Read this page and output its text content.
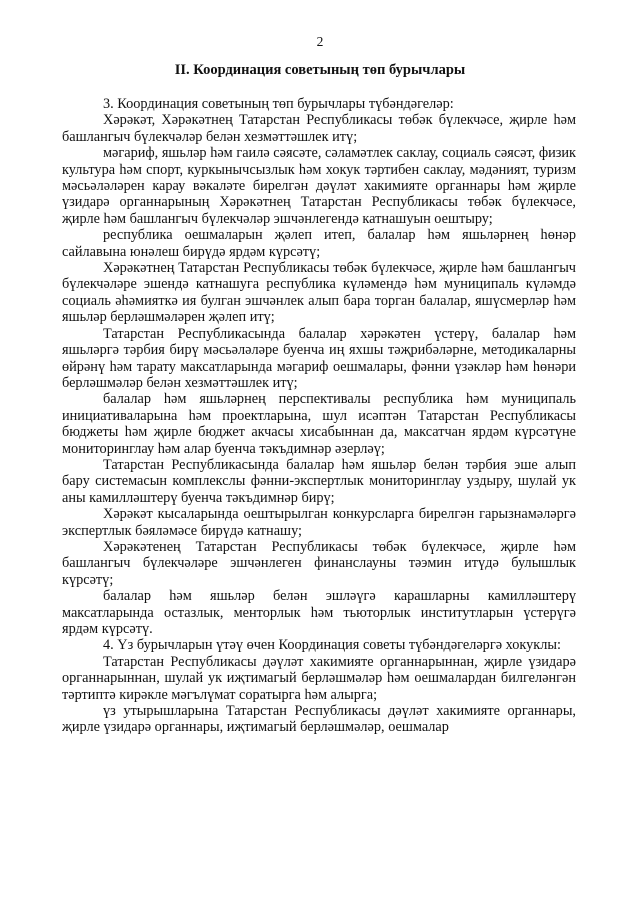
2
II. Координация советының төп бурычлары

3. Координация советының төп бурычлары түбәндәгеләр:

Хәрәкәт, Хәрәкәтнең Татарстан Республикасы төбәк бүлекчәсе, җирле һәм башлангыч бүлекчәләр белән хезмәттәшлек итү;

мәгариф, яшьләр һәм гаилә сәясәте, сәламәтлек саклау, социаль сәясәт, физик культура һәм спорт, куркынычсызлык һәм хокук тәртибен саклау, мәдәният, туризм мәсьәләләрен карау вәкаләте бирелгән дәүләт хакимияте органнары һәм җирле үзидарә органнарының Хәрәкәтнең Татарстан Республикасы төбәк бүлекчәсе, җирле һәм башлангыч бүлекчәләр эшчәнлегендә катнашуын оештыру;

республика оешмаларын җәлеп итеп, балалар һәм яшьләрнең һөнәр сайлавына юнәлеш бирүдә ярдәм күрсәтү;

Хәрәкәтнең Татарстан Республикасы төбәк бүлекчәсе, җирле һәм башлангыч бүлекчәләре эшендә катнашуга республика күләмендә һәм муниципаль күләмдә социаль әһәмияткә ия булган эшчәнлек алып бара торган балалар, яшүсмерләр һәм яшьләр берләшмәләрен җәлеп итү;

Татарстан Республикасында балалар хәрәкәтен үстерү, балалар һәм яшьләргә тәрбия бирү мәсьәләләре буенча иң яхшы тәҗрибәләрне, методикаларны өйрәнү һәм тарату максатларында мәгариф оешмалары, фәнни үзәкләр һәм һөнәри берләшмәләр белән хезмәттәшлек итү;

балалар һәм яшьләрнең перспективалы республика һәм муниципаль инициативаларына һәм проектларына, шул исәптән Татарстан Республикасы бюджеты һәм җирле бюджет акчасы хисабыннан да, максатчан ярдәм күрсәтүне мониторинглау һәм алар буенча тәкъдимнәр әзерләү;

Татарстан Республикасында балалар һәм яшьләр белән тәрбия эше алып бару системасын комплекслы фәнни-экспертлык мониторинглау уздыру, шулай ук аны камилләштерү буенча тәкъдимнәр бирү;

Хәрәкәт кысаларында оештырылган конкурсларга бирелгән гарызнамәләргә экспертлык бәяләмәсе бирүдә катнашу;

Хәрәкәтенең Татарстан Республикасы төбәк бүлекчәсе, җирле һәм башлангыч бүлекчәләре эшчәнлеген финанслауны тәэмин итүдә булышлык күрсәтү;

балалар һәм яшьләр белән эшләүгә карашларны камилләштерү максатларында остазлык, менторлык һәм тьюторлык институтларын үстерүгә ярдәм күрсәтү.

4. Үз бурычларын үтәү өчен Координация советы түбәндәгеләргә хокуклы:

Татарстан Республикасы дәүләт хакимияте органнарыннан, җирле үзидарә органнарыннан, шулай ук иҗтимагый берләшмәләр һәм оешмалардан билгеләнгән тәртиптә кирәкле мәгълүмат соратырга һәм алырга;

үз утырышларына Татарстан Республикасы дәүләт хакимияте органнары, җирле үзидарә органнары, иҗтимагый берләшмәләр, оешмалар
